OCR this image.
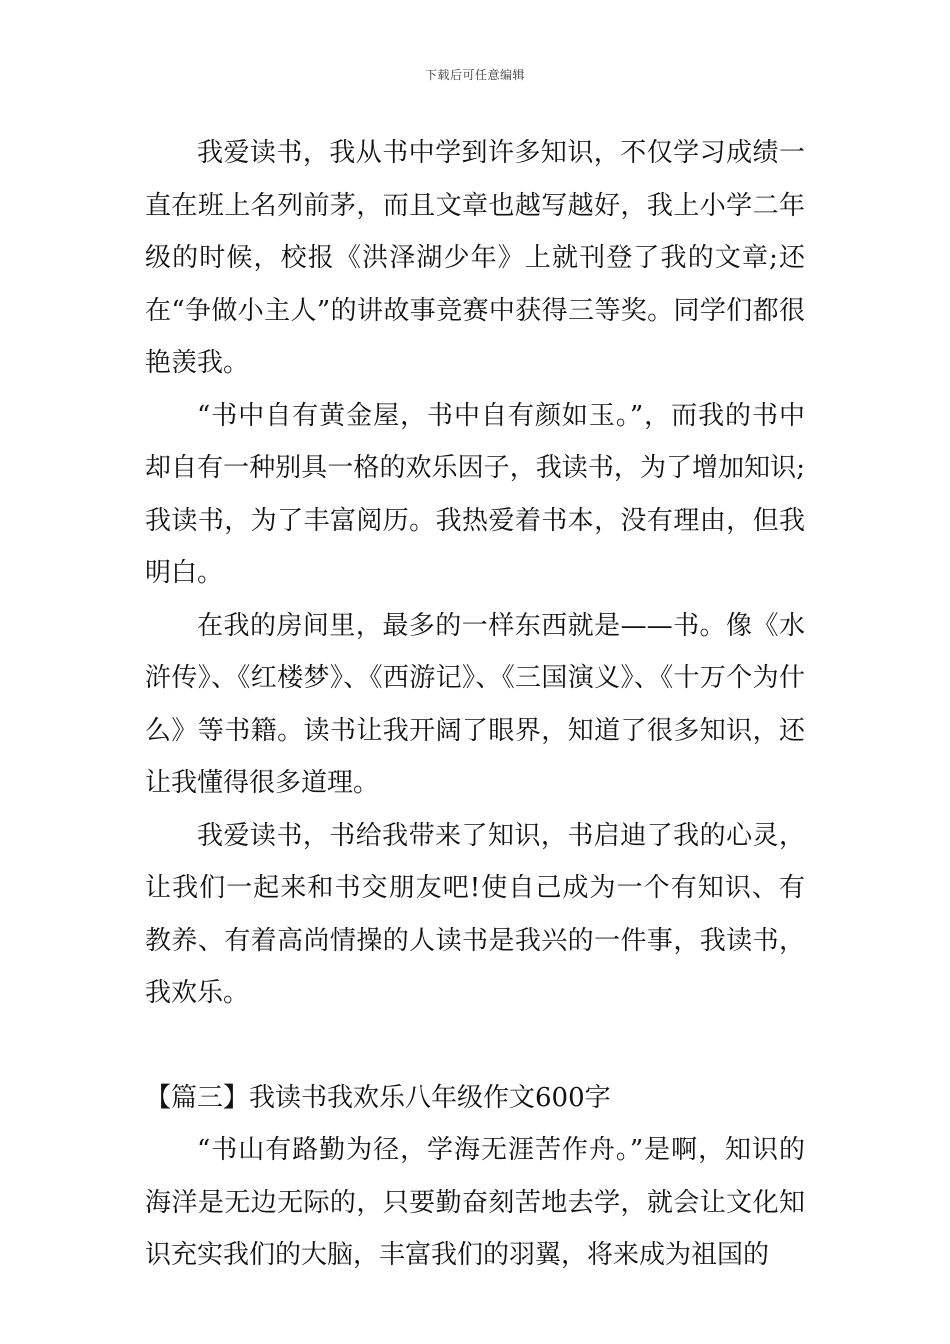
下载后可任意编辑

我爱读书，我从书中学到许多知识，不仅学习成绩一直在班上名列前茅，而且文章也越写越好，我上小学二年级的时候，校报《洪泽湖少年》上就刊登了我的文章;还在“争做小主人”的讲故事竞赛中获得三等奖。同学们都很艳羡我。

“书中自有黄金屋，书中自有颜如玉。”，而我的书中却自有一种别具一格的欢乐因子，我读书，为了增加知识;我读书，为了丰富阅历。我热爱着书本，没有理由，但我明白。

在我的房间里，最多的一样东西就是——书。像《水浒传》、《红楼梦》、《西游记》、《三国演义》、《十万个为什么》等书籍。读书让我开阔了眼界，知道了很多知识，还让我懂得很多道理。

我爱读书，书给我带来了知识，书启迪了我的心灵，让我们一起来和书交朋友吧!使自己成为一个有知识、有教养、有着高尚情操的人读书是我兴的一件事，我读书，我欢乐。

【篇三】我读书我欢乐八年级作文600字

“书山有路勤为径，学海无涯苦作舟。”是啊，知识的海洋是无边无际的，只要勤奋刻苦地去学，就会让文化知识充实我们的大脑，丰富我们的羽翼，将来成为祖国的
